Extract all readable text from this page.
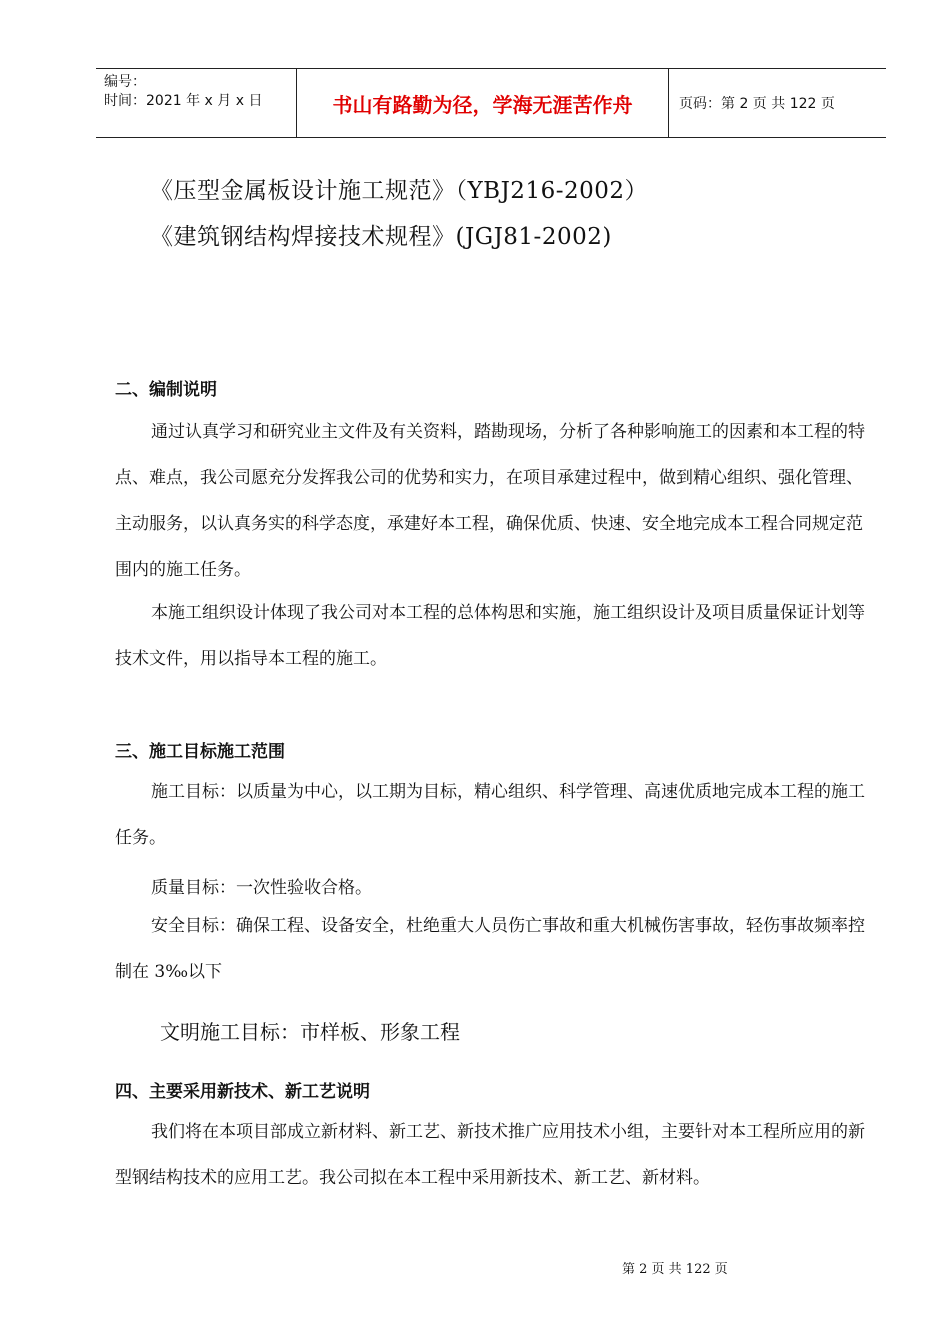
编号：
时间：2021 年 x 月 x 日	书山有路勤为径，学海无涯苦作舟	页码：第 2 页 共 122 页
《压型金属板设计施工规范》（YBJ216-2002）
《建筑钢结构焊接技术规程》(JGJ81-2002)
二、编制说明
通过认真学习和研究业主文件及有关资料，踏勘现场，分析了各种影响施工的因素和本工程的特点、难点，我公司愿充分发挥我公司的优势和实力，在项目承建过程中，做到精心组织、强化管理、主动服务，以认真务实的科学态度，承建好本工程，确保优质、快速、安全地完成本工程合同规定范围内的施工任务。
本施工组织设计体现了我公司对本工程的总体构思和实施，施工组织设计及项目质量保证计划等技术文件，用以指导本工程的施工。
三、施工目标施工范围
施工目标：以质量为中心，以工期为目标，精心组织、科学管理、高速优质地完成本工程的施工任务。
质量目标：一次性验收合格。
安全目标：确保工程、设备安全，杜绝重大人员伤亡事故和重大机械伤害事故，轻伤事故频率控制在 3‰以下
文明施工目标：市样板、形象工程
四、主要采用新技术、新工艺说明
我们将在本项目部成立新材料、新工艺、新技术推广应用技术小组，主要针对本工程所应用的新型钢结构技术的应用工艺。我公司拟在本工程中采用新技术、新工艺、新材料。
第 2 页 共 122 页
